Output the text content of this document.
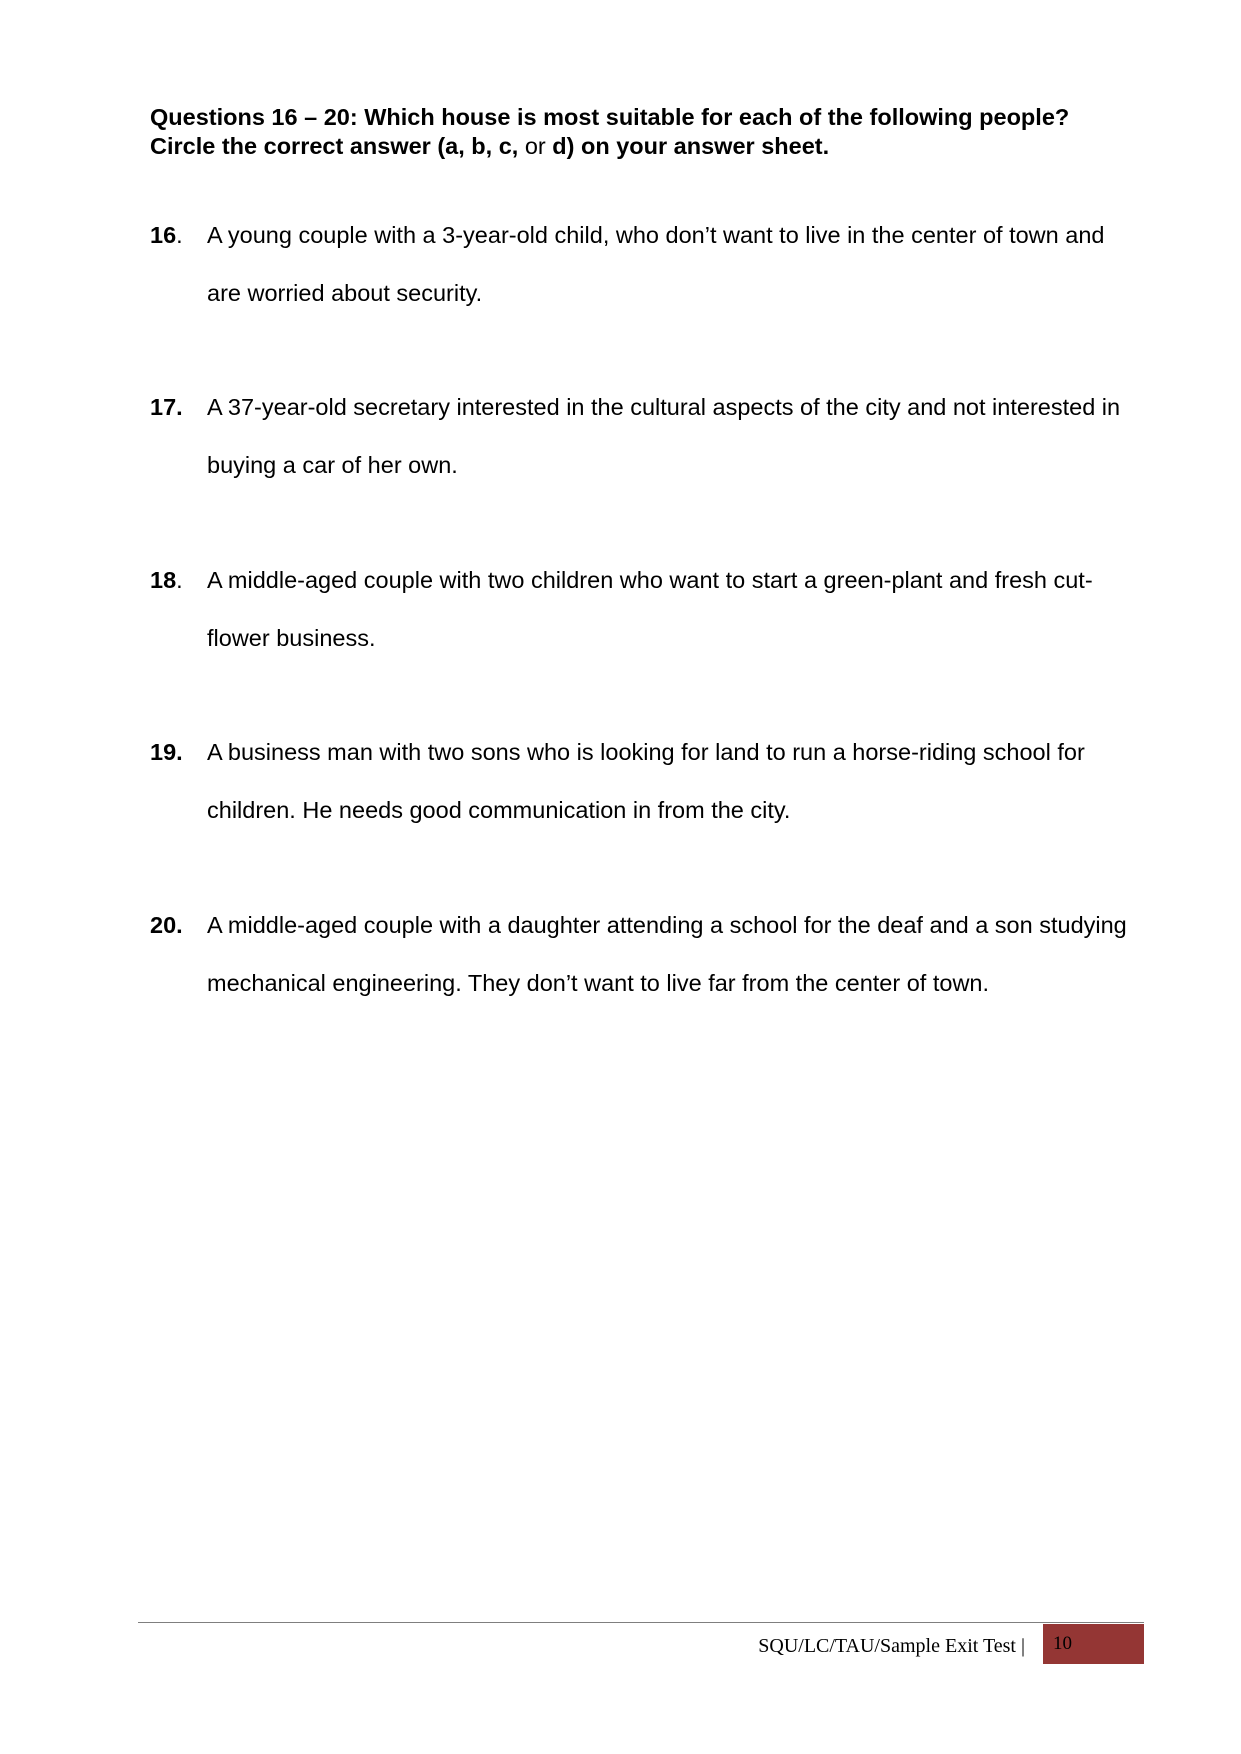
Questions 16 – 20: Which house is most suitable for each of the following people? Circle the correct answer (a, b, c, or d) on your answer sheet.
16.	A young couple with a 3-year-old child, who don’t want to live in the center of town and are worried about security.
17.	A 37-year-old secretary interested in the cultural aspects of the city and not interested in buying a car of her own.
18.	A middle-aged couple with two children who want to start a green-plant and fresh cut-flower business.
19.	A business man with two sons who is looking for land to run a horse-riding school for children. He needs good communication in from the city.
20.	A middle-aged couple with a daughter attending a school for the deaf and a son studying mechanical engineering. They don’t want to live far from the center of town.
SQU/LC/TAU/Sample Exit Test | 10
